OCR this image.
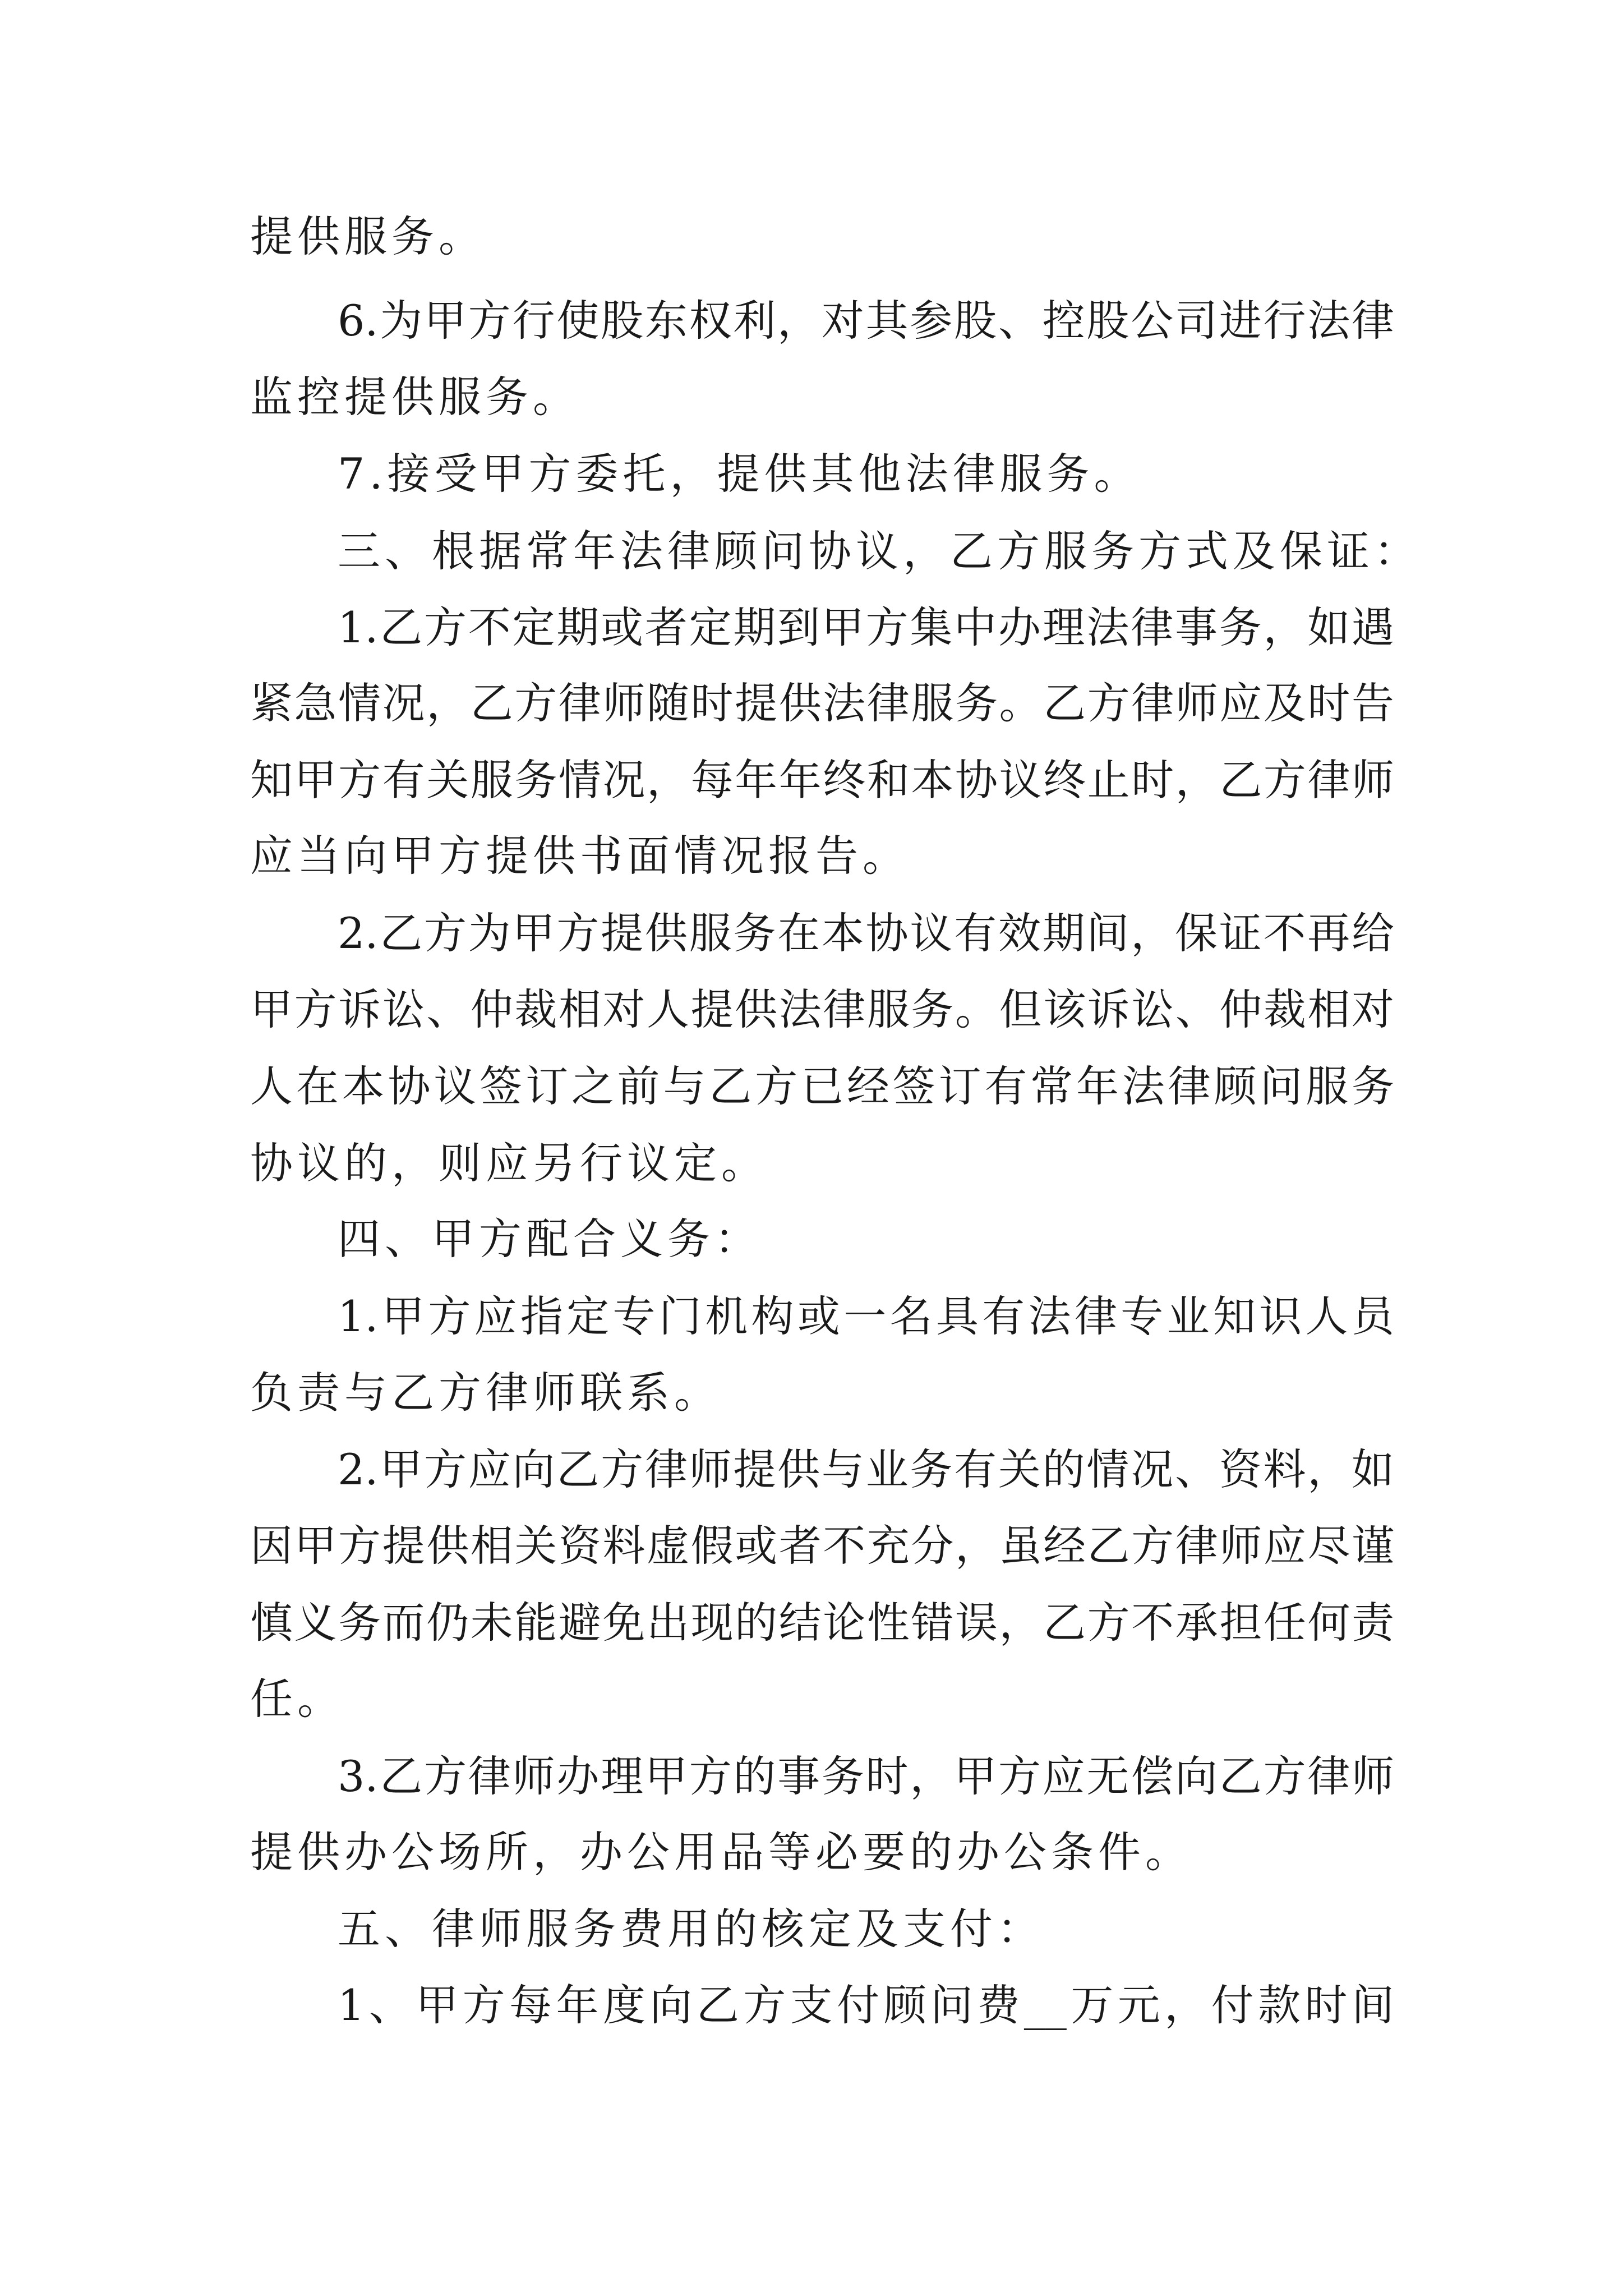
提供服务。
6.为甲方行使股东权利，对其参股、控股公司进行法律
监控提供服务。
7.接受甲方委托，提供其他法律服务。
三、根据常年法律顾问协议，乙方服务方式及保证：
1.乙方不定期或者定期到甲方集中办理法律事务，如遇
紧急情况，乙方律师随时提供法律服务。乙方律师应及时告
知甲方有关服务情况，每年年终和本协议终止时，乙方律师
应当向甲方提供书面情况报告。
2.乙方为甲方提供服务在本协议有效期间，保证不再给
甲方诉讼、仲裁相对人提供法律服务。但该诉讼、仲裁相对
人在本协议签订之前与乙方已经签订有常年法律顾问服务
协议的，则应另行议定。
四、甲方配合义务：
1.甲方应指定专门机构或一名具有法律专业知识人员
负责与乙方律师联系。
2.甲方应向乙方律师提供与业务有关的情况、资料，如
因甲方提供相关资料虚假或者不充分，虽经乙方律师应尽谨
慎义务而仍未能避免出现的结论性错误，乙方不承担任何责
任。
3.乙方律师办理甲方的事务时，甲方应无偿向乙方律师
提供办公场所，办公用品等必要的办公条件。
五、律师服务费用的核定及支付：
1、甲方每年度向乙方支付顾问费__万元，付款时间
